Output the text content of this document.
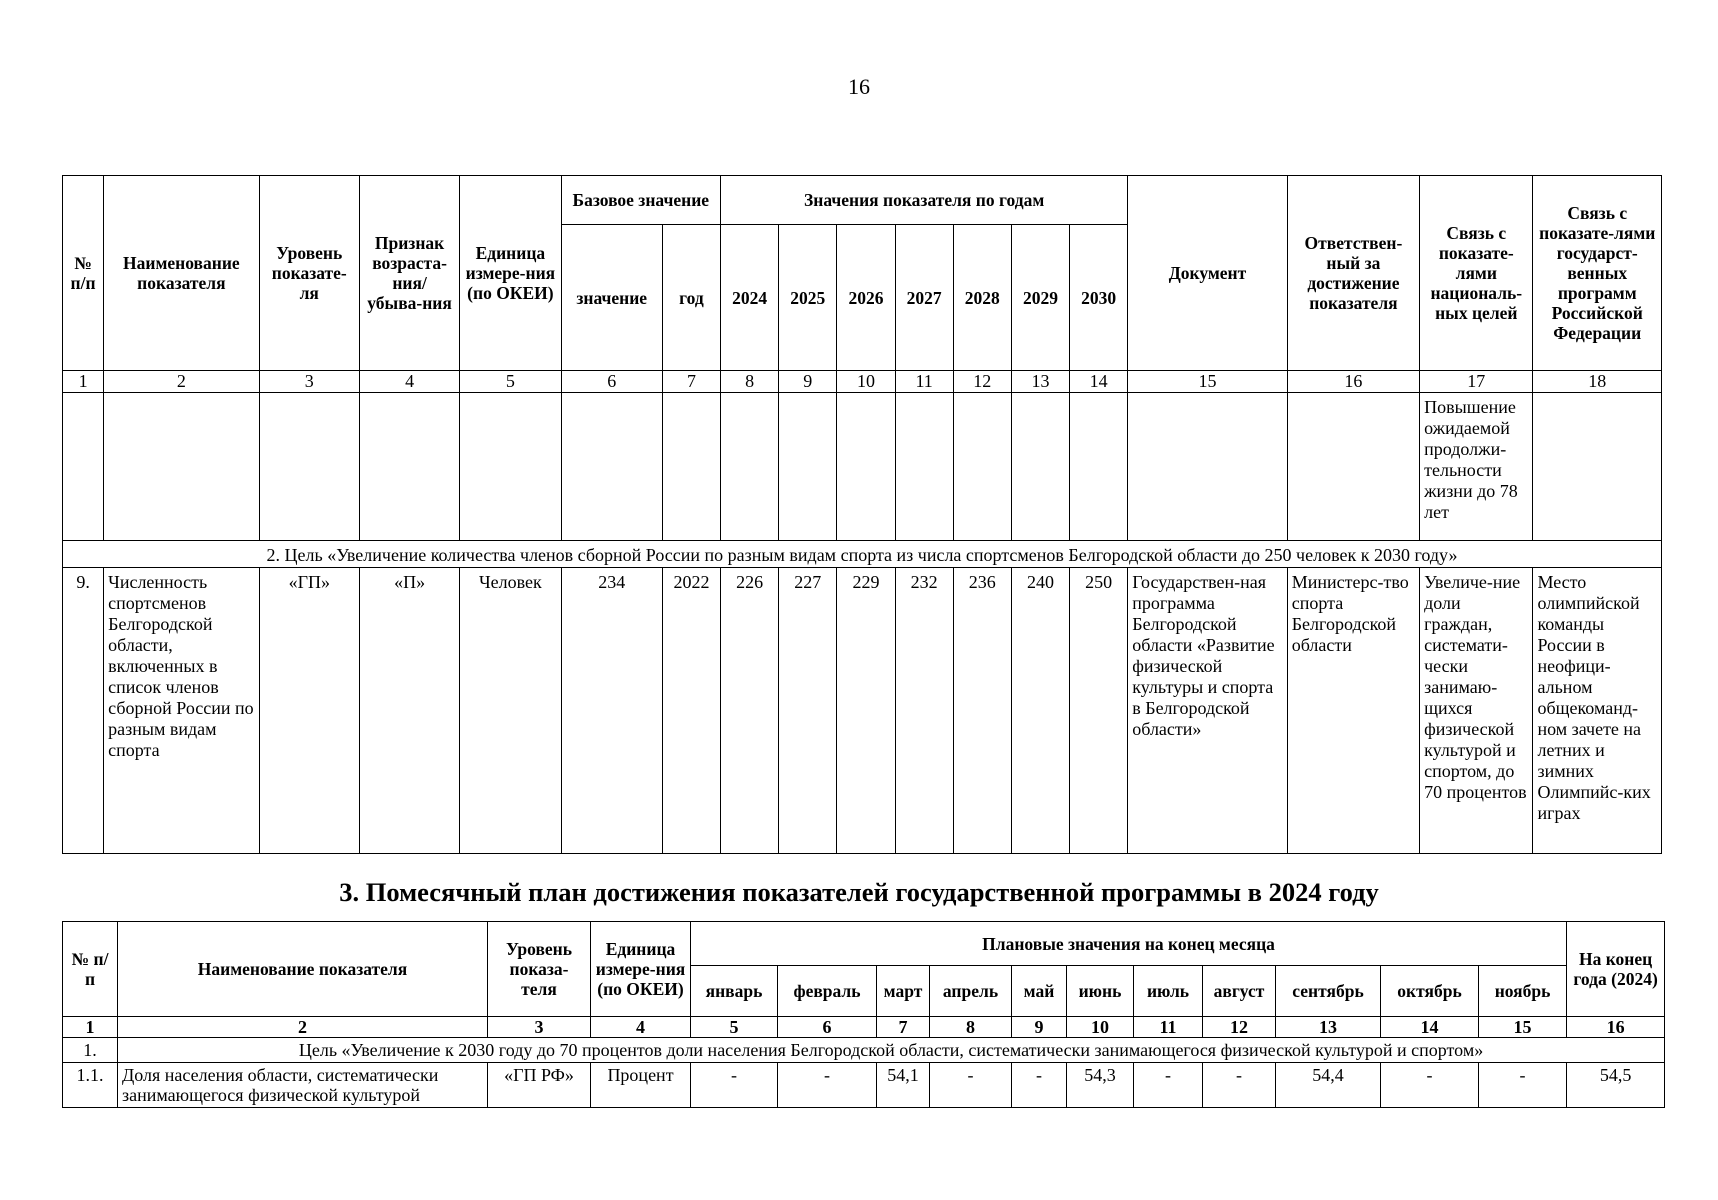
16
№ п/п	Наименование показателя	Уровень показате-ля	Признак возраста-ния/ убыва-ния	Единица измере-ния (по ОКЕИ)	Базовое значение		Значения показателя по годам							Документ	Ответствен-ный за достижение показателя	Связь с показате-лями националь-ных целей	Связь с показате-лями государст-венных программ Российской Федерации
					значение	год	2024	2025	2026	2027	2028	2029	2030				
1	2	3	4	5	6	7	8	9	10	11	12	13	14	15	16	17	18
																Повышение ожидаемой продолжи-тельности жизни до 78 лет	
2. Цель «Увеличение количества членов сборной России по разным видам спорта из числа спортсменов Белгородской области до 250 человек к 2030 году»																	
9.	Численность спортсменов Белгородской области, включенных в список членов сборной России по разным видам спорта	«ГП»	«П»	Человек	234	2022	226	227	229	232	236	240	250	Государствен-ная программа Белгородской области «Развитие физической культуры и спорта в Белгородской области»	Министерс-тво спорта Белгородской области	Увеличе-ние доли граждан, системати-чески занимаю-щихся физической культурой и спортом, до 70 процентов	Место олимпийской команды России в неофици-альном общекоманд-ном зачете на летних и зимних Олимпийс-ких играх
3. Помесячный план достижения показателей государственной программы в 2024 году
№ п/п	Наименование показателя	Уровень показа-теля	Единица измере-ния (по ОКЕИ)	Плановые значения на конец месяца											На конец года (2024)
				январь	февраль	март	апрель	май	июнь	июль	август	сентябрь	октябрь	ноябрь	
1	2	3	4	5	6	7	8	9	10	11	12	13	14	15	16
1.	Цель «Увеличение к 2030 году до 70 процентов доли населения Белгородской области, систематически занимающегося физической культурой и спортом»														
1.1.	Доля населения области, систематически занимающегося физической культурой	«ГП РФ»	Процент	-	-	54,1	-	-	54,3	-	-	54,4	-	-	54,5
